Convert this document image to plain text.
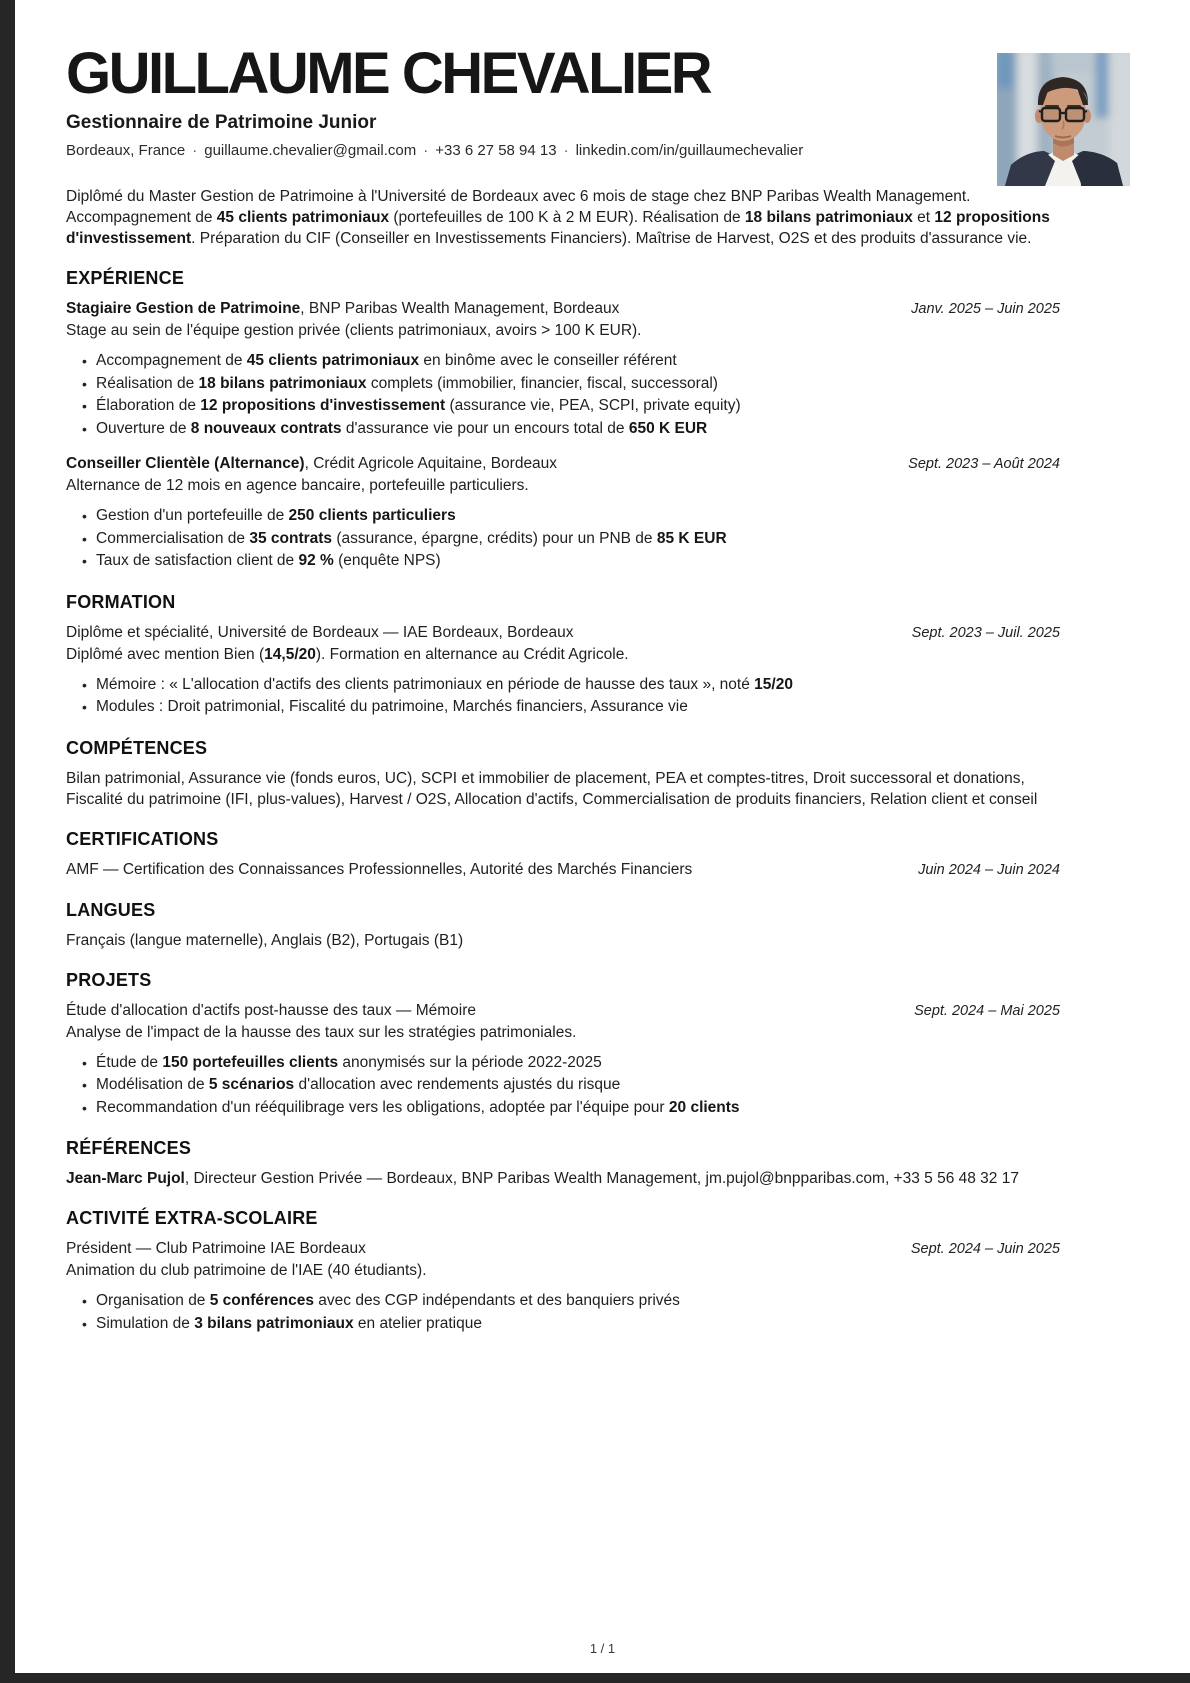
GUILLAUME CHEVALIER
Gestionnaire de Patrimoine Junior
Bordeaux, France · guillaume.chevalier@gmail.com · +33 6 27 58 94 13 · linkedin.com/in/guillaumechevalier

Diplômé du Master Gestion de Patrimoine à l'Université de Bordeaux avec 6 mois de stage chez BNP Paribas Wealth Management. Accompagnement de 45 clients patrimoniaux (portefeuilles de 100 K à 2 M EUR). Réalisation de 18 bilans patrimoniaux et 12 propositions d'investissement. Préparation du CIF (Conseiller en Investissements Financiers). Maîtrise de Harvest, O2S et des produits d'assurance vie.

EXPÉRIENCE
Stagiaire Gestion de Patrimoine, BNP Paribas Wealth Management, Bordeaux	Janv. 2025 – Juin 2025
Stage au sein de l'équipe gestion privée (clients patrimoniaux, avoirs > 100 K EUR).
• Accompagnement de 45 clients patrimoniaux en binôme avec le conseiller référent
• Réalisation de 18 bilans patrimoniaux complets (immobilier, financier, fiscal, successoral)
• Élaboration de 12 propositions d'investissement (assurance vie, PEA, SCPI, private equity)
• Ouverture de 8 nouveaux contrats d'assurance vie pour un encours total de 650 K EUR
Conseiller Clientèle (Alternance), Crédit Agricole Aquitaine, Bordeaux	Sept. 2023 – Août 2024
Alternance de 12 mois en agence bancaire, portefeuille particuliers.
• Gestion d'un portefeuille de 250 clients particuliers
• Commercialisation de 35 contrats (assurance, épargne, crédits) pour un PNB de 85 K EUR
• Taux de satisfaction client de 92 % (enquête NPS)
FORMATION
Diplôme et spécialité, Université de Bordeaux — IAE Bordeaux, Bordeaux	Sept. 2023 – Juil. 2025
Diplômé avec mention Bien (14,5/20). Formation en alternance au Crédit Agricole.
• Mémoire : « L'allocation d'actifs des clients patrimoniaux en période de hausse des taux », noté 15/20
• Modules : Droit patrimonial, Fiscalité du patrimoine, Marchés financiers, Assurance vie
COMPÉTENCES
Bilan patrimonial, Assurance vie (fonds euros, UC), SCPI et immobilier de placement, PEA et comptes-titres, Droit successoral et donations, Fiscalité du patrimoine (IFI, plus-values), Harvest / O2S, Allocation d'actifs, Commercialisation de produits financiers, Relation client et conseil
CERTIFICATIONS
AMF — Certification des Connaissances Professionnelles, Autorité des Marchés Financiers	Juin 2024 – Juin 2024
LANGUES
Français (langue maternelle), Anglais (B2), Portugais (B1)
PROJETS
Étude d'allocation d'actifs post-hausse des taux — Mémoire	Sept. 2024 – Mai 2025
Analyse de l'impact de la hausse des taux sur les stratégies patrimoniales.
• Étude de 150 portefeuilles clients anonymisés sur la période 2022-2025
• Modélisation de 5 scénarios d'allocation avec rendements ajustés du risque
• Recommandation d'un rééquilibrage vers les obligations, adoptée par l'équipe pour 20 clients
RÉFÉRENCES
Jean-Marc Pujol, Directeur Gestion Privée — Bordeaux, BNP Paribas Wealth Management, jm.pujol@bnpparibas.com, +33 5 56 48 32 17
ACTIVITÉ EXTRA-SCOLAIRE
Président — Club Patrimoine IAE Bordeaux	Sept. 2024 – Juin 2025
Animation du club patrimoine de l'IAE (40 étudiants).
• Organisation de 5 conférences avec des CGP indépendants et des banquiers privés
• Simulation de 3 bilans patrimoniaux en atelier pratique
1 / 1
